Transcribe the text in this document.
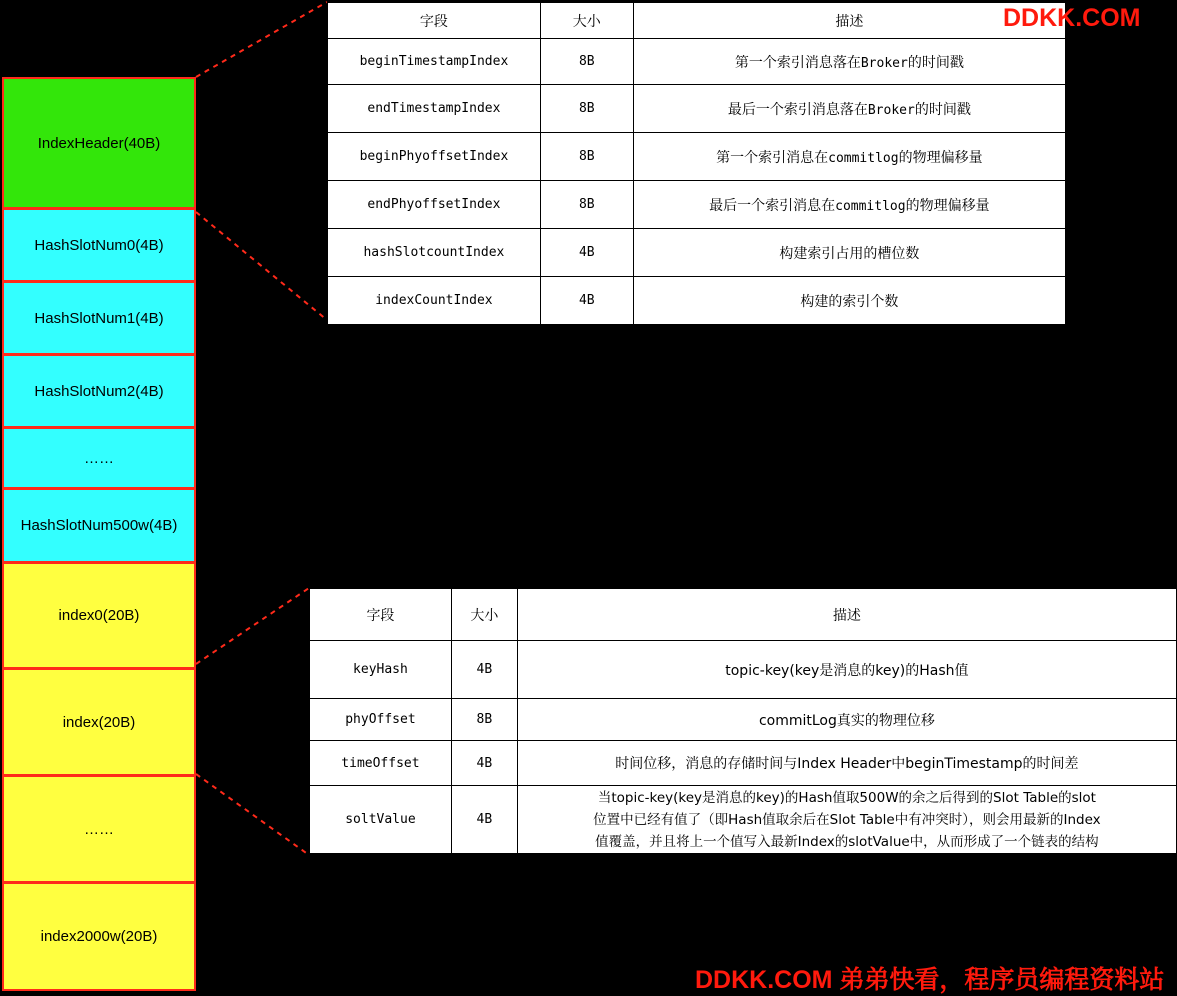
IndexHeader(40B)
HashSlotNum0(4B)
HashSlotNum1(4B)
HashSlotNum2(4B)
……
HashSlotNum500w(4B)
index0(20B)
index(20B)
……
index2000w(20B)
字段	大小	描述
beginTimestampIndex	8B	第一个索引消息落在Broker的时间戳
endTimestampIndex	8B	最后一个索引消息落在Broker的时间戳
beginPhyoffsetIndex	8B	第一个索引消息在commitlog的物理偏移量
endPhyoffsetIndex	8B	最后一个索引消息在commitlog的物理偏移量
hashSlotcountIndex	4B	构建索引占用的槽位数
indexCountIndex	4B	构建的索引个数
字段	大小	描述
keyHash	4B	topic-key(key是消息的key)的Hash值
phyOffset	8B	commitLog真实的物理位移
timeOffset	4B	时间位移，消息的存储时间与Index Header中beginTimestamp的时间差
soltValue	4B	当topic-key(key是消息的key)的Hash值取500W的余之后得到的Slot Table的slot
位置中已经有值了（即Hash值取余后在Slot Table中有冲突时），则会用最新的Index
值覆盖，并且将上一个值写入最新Index的slotValue中，从而形成了一个链表的结构
DDKK.COM
DDKK.COM 弟弟快看，程序员编程资料站
